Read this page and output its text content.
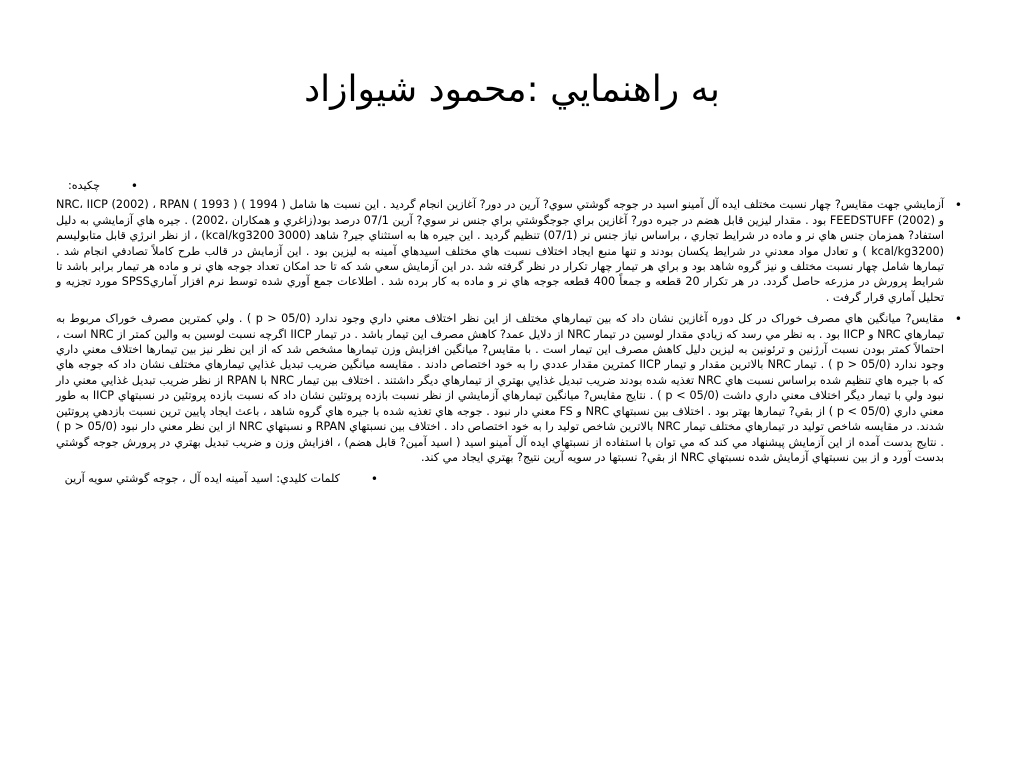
به راهنمايي :محمود شيوازاد
•
چکيده:
•
آزمايشي جهت مقايس? چهار نسبت مختلف ايده آل آمينو اسيد در جوجه گوشتي سوي? آرين در دور? آغازين انجام گرديد . اين نسبت ها شامل ( 1994 ) NRC، IICP (2002) ، RPAN ( 1993 ) و (2002) FEEDSTUFF بود . مقدار ليزين قابل هضم در جيره دور? آغازين براي جوجگوشتي براي جنس نر سوي? آرين 07/1 درصد بود(زاغري و همکاران ،2002) . جيره هاي آزمايشي به دليل استفاد? همزمان جنس هاي نر و ماده در شرايط تجاري ، براساس نياز جنس نر (07/1) تنظيم گرديد . اين جيره ها به استثناي جير? شاهد (3000 kcal/kg3200) ، از نظر انرژي قابل متابوليسم (kcal/kg3200 ) و تعادل مواد معدني در شرايط يکسان بودند و تنها منبع ايجاد اختلاف نسبت هاي مختلف اسيدهاي آمينه به ليزين بود . اين آزمايش در قالب طرح کاملاً تصادفي انجام شد . تيمارها شامل چهار نسبت مختلف و نيز گروه شاهد بود و براي هر تيمار چهار تکرار در نظر گرفته شد .در اين آزمايش سعي شد که تا حد امکان تعداد جوجه هاي نر و ماده هر تيمار برابر باشد تا شرايط پرورش در مزرعه حاصل گردد. در هر تکرار 20 قطعه و جمعاً 400 قطعه جوجه هاي نر و ماده به کار برده شد . اطلاعات جمع آوري شده توسط نرم افزار آماريSPSS مورد تجزيه و تحليل آماري قرار گرفت .
•
مقايس? ميانگين هاي مصرف خوراک در کل دوره آغازين نشان داد که بين تيمارهاي مختلف از اين نظر اختلاف معني داري وجود ندارد (05/0 < p ) . ولي کمترين مصرف خوراک مربوط به تيمارهاي NRC و IICP بود . به نظر مي رسد که زيادي مقدار لوسين در تيمار NRC از دلايل عمد? کاهش مصرف اين تيمار باشد . در تيمار IICP اگرچه نسبت لوسين به والين کمتر از NRC است ، احتمالاً کمتر بودن نسبت آرژنين و ترئونين به ليزين دليل کاهش مصرف اين تيمار است . با مقايس? ميانگين افزايش وزن تيمارها مشخص شد که از اين نظر نيز بين تيمارها اختلاف معني داري وجود ندارد (05/0 < p ) . تيمار NRC بالاترين مقدار و تيمار IICP کمترين مقدار عددي را به خود اختصاص دادند . مقايسه ميانگين ضريب تبديل غذايي تيمارهاي مختلف نشان داد که جوجه هاي که با جيره هاي تنظيم شده براساس نسبت هاي NRC تغذيه شده بودند ضريب تبديل غذايي بهتري از تيمارهاي ديگر داشتند . اختلاف بين تيمار NRC با RPAN از نظر ضريب تبديل غذايي معني دار نبود ولي با تيمار ديگر اختلاف معني داري داشت (05/0 > p ) . نتايج مقايس? ميانگين تيمارهاي آزمايشي از نظر نسبت بازده پروتئين نشان داد که نسبت بازده پروتئين در نسبتهاي IICP به طور معني داري (05/0 > p ) از بقي? تيمارها بهتر بود . اختلاف بين نسبتهاي NRC و FS معني دار نبود . جوجه هاي تغذيه شده با جيره هاي گروه شاهد ، باعث ايجاد پايين ترين نسبت بازدهي پروتئين شدند. در مقايسه شاخص توليد در تيمارهاي مختلف تيمار NRC بالاترين شاخص توليد را به خود اختصاص داد . اختلاف بين نسبتهاي RPAN و نسبتهاي NRC از اين نظر معني دار نبود (05/0 < p ) . نتايج بدست آمده از اين آزمايش پيشنهاد مي کند که مي توان با استفاده از نسبتهاي ايده آل آمينو اسيد ( اسيد آمين? قابل هضم) ، افزايش وزن و ضريب تبديل بهتري در پرورش جوجه گوشتي بدست آورد و از بين نسبتهاي آزمايش شده نسبتهاي NRC از بقي? نسبتها در سويه آرين نتيج? بهتري ايجاد مي کند.
•
کلمات کليدي: اسيد آمينه ايده آل ، جوجه گوشتي سويه آرين
